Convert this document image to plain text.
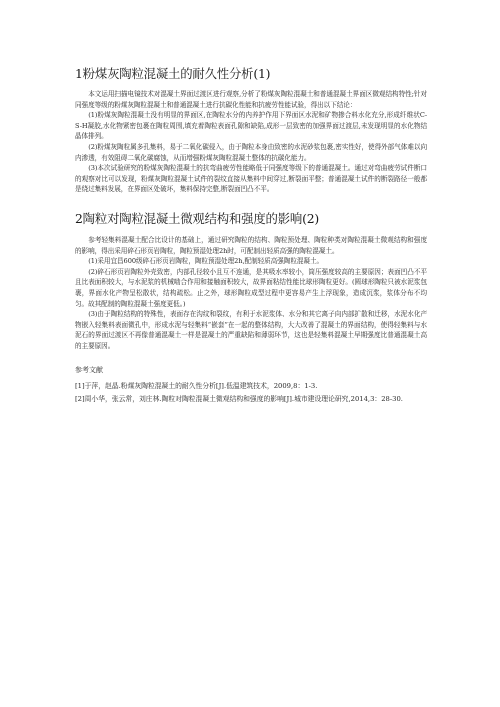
1粉煤灰陶粒混凝土的耐久性分析(1)

本文运用扫描电镜技术对混凝土界面过渡区进行观察,分析了粉煤灰陶粒混凝土和普通混凝土界面区微观结构特性;针对同强度等级的粉煤灰陶粒混凝土和普通混凝土进行抗碳化性能和抗疲劳性能试验，得出以下结论：

(1)粉煤灰陶粒混凝土没有明显的界面区,在陶粒水分的内养护作用下界面区水泥和矿物掺合料水化充分,形成纤维状C-S-H凝胶,水化物紧密包裹在陶粒周围,填充着陶粒表面孔隙和缺陷,成形一层致密的加强界面过渡层,未发现明显的水化物结晶体排列。

(2)粉煤灰陶粒属多孔集料，易于二氧化碳侵入，由于陶粒本身由致密的水泥砂浆包裹,密实性好，使得外部气体难以向内渗透，有效阻碍二氧化碳腐蚀，从而增强粉煤灰陶粒混凝土整体的抗碳化能力。

(3)本次试验研究的粉煤灰陶粒混凝土的抗弯曲疲劳性能略低于同强度等级下的普通混凝土。通过对弯曲疲劳试件断口的观察对比可以发现，粉煤灰陶粒混凝土试件的裂纹直接从集料中间穿过,断裂面平整；普通混凝土试件的断裂路径一般都是绕过集料发展，在界面区处破坏，集料保持完整,断裂面凹凸不平。

2陶粒对陶粒混凝土微观结构和强度的影响(2)

参考轻集料混凝土配合比设计的基础上，通过研究陶粒的结构、陶粒预处理、陶粒种类对陶粒混凝土微观结构和强度的影响，得出采用碎石形页岩陶粒，陶粒预湿处理2h时，可配制出轻质高强的陶粒混凝土。

(1)采用宜昌600级碎石形页岩陶粒，陶粒预湿处理2h,配制轻质高强陶粒混凝土。

(2)碎石形页岩陶粒外壳致密，内部孔径较小且互不连通，是其吸水率较小，筒压强度较高的主要原因；表面凹凸不平且比表面积较大，与水泥浆的机械啮合作用和接触面积较大，故界面粘结性能比球形陶粒更好。(圆球形陶粒只被水泥浆包裹，界面水化产物呈松散状，结构疏松。止之外，球形陶粒成型过程中更容易产生上浮现象，造成沉浆，浆体分布不均匀。故其配制的陶粒混凝土强度更低。)

(3)由于陶粒结构的特殊性，表面存在沟纹和裂纹，有利于水泥浆体、水分和其它离子向内部扩散和迁移，水泥水化产物嵌入轻集料表面微孔中，形成水泥与轻集料“嵌套”在一起的整体结构，大大改善了混凝土的界面结构，使得轻集料与水泥石的界面过渡区不再像普通混凝土一样是混凝土的严重缺陷和薄弱环节，这也是轻集料混凝土早期强度比普通混凝土高的主要原因。

参考文献
[1]于萍，赵晶.粉煤灰陶粒混凝土的耐久性分析[J].低温建筑技术，2009,8：1-3.
[2]周小华，张云常，刘庄林.陶粒对陶粒混凝土微观结构和强度的影响[J].城市建设理论研究,2014,3：28-30.
